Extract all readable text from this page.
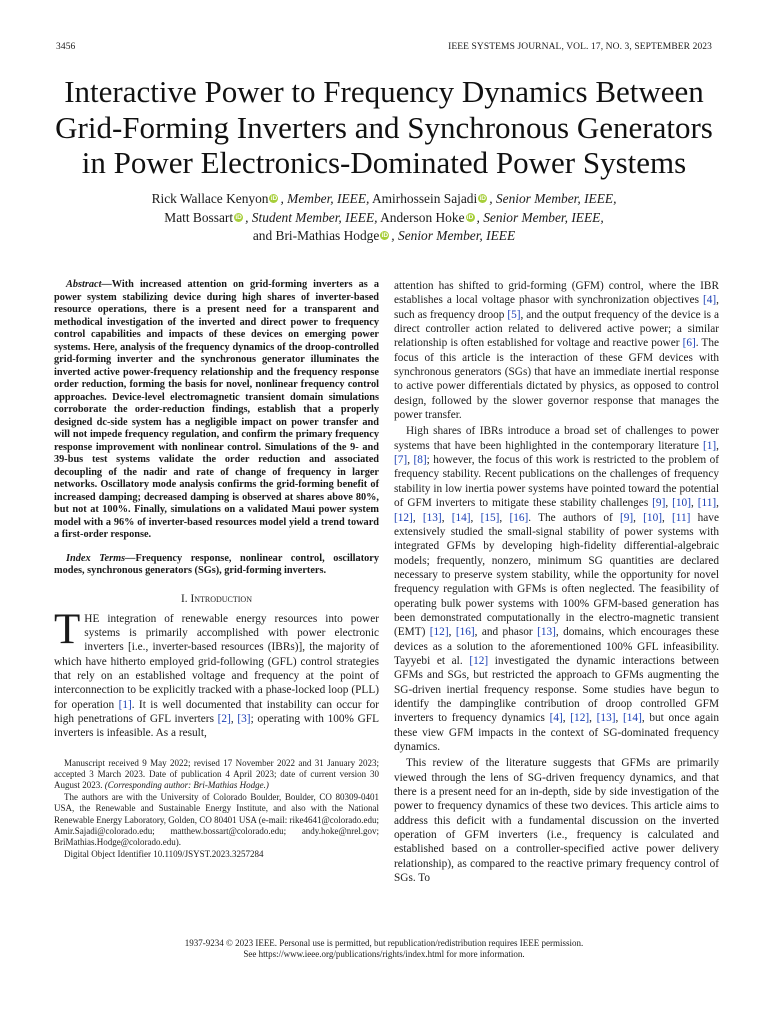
3456	IEEE SYSTEMS JOURNAL, VOL. 17, NO. 3, SEPTEMBER 2023
Interactive Power to Frequency Dynamics Between
Grid-Forming Inverters and Synchronous Generators
in Power Electronics-Dominated Power Systems
Rick Wallace Kenyon iD , Member, IEEE, Amirhossein Sajadi iD , Senior Member, IEEE,
Matt Bossart iD , Student Member, IEEE, Anderson Hoke iD , Senior Member, IEEE,
and Bri-Mathias Hodge iD , Senior Member, IEEE
Abstract—With increased attention on grid-forming inverters as a power system stabilizing device during high shares of inverter-based resource operations, there is a present need for a transparent and methodical investigation of the inverted and direct power to frequency control capabilities and impacts of these devices on emerging power systems. Here, analysis of the frequency dynamics of the droop-controlled grid-forming inverter and the synchronous generator illuminates the inverted active power-frequency relationship and the frequency response order reduction, forming the basis for novel, nonlinear frequency control approaches. Device-level electromagnetic transient domain simulations corroborate the order-reduction findings, establish that a properly designed dc-side system has a negligible impact on power transfer and will not impede frequency regulation, and confirm the primary frequency response improvement with nonlinear control. Simulations of the 9- and 39-bus test systems validate the order reduction and associated decoupling of the nadir and rate of change of frequency in larger networks. Oscillatory mode analysis confirms the grid-forming benefit of increased damping; decreased damping is observed at shares above 80%, but not at 100%. Finally, simulations on a validated Maui power system model with a 96% of inverter-based resources model yield a trend toward a first-order response.
Index Terms—Frequency response, nonlinear control, oscillatory modes, synchronous generators (SGs), grid-forming inverters.
I. Introduction
THE integration of renewable energy resources into power systems is primarily accomplished with power electronic inverters [i.e., inverter-based resources (IBRs)], the majority of which have hitherto employed grid-following (GFL) control strategies that rely on an established voltage and frequency at the point of interconnection to be explicitly tracked with a phase-locked loop (PLL) for operation [1]. It is well documented that instability can occur for high penetrations of GFL inverters [2], [3]; operating with 100% GFL inverters is infeasible. As a result,
Manuscript received 9 May 2022; revised 17 November 2022 and 31 January 2023; accepted 3 March 2023. Date of publication 4 April 2023; date of current version 30 August 2023. (Corresponding author: Bri-Mathias Hodge.)
The authors are with the University of Colorado Boulder, Boulder, CO 80309-0401 USA, the Renewable and Sustainable Energy Institute, and also with the National Renewable Energy Laboratory, Golden, CO 80401 USA (e-mail: rike4641@colorado.edu; Amir.Sajadi@colorado.edu; matthew.bossart@colorado.edu; andy.hoke@nrel.gov; BriMathias.Hodge@colorado.edu).
Digital Object Identifier 10.1109/JSYST.2023.3257284
attention has shifted to grid-forming (GFM) control, where the IBR establishes a local voltage phasor with synchronization objectives [4], such as frequency droop [5], and the output frequency of the device is a direct controller action related to delivered active power; a similar relationship is often established for voltage and reactive power [6]. The focus of this article is the interaction of these GFM devices with synchronous generators (SGs) that have an immediate inertial response to active power differentials dictated by physics, as opposed to control design, followed by the slower governor response that manages the power transfer.
High shares of IBRs introduce a broad set of challenges to power systems that have been highlighted in the contemporary literature [1], [7], [8]; however, the focus of this work is restricted to the problem of frequency stability. Recent publications on the challenges of frequency stability in low inertia power systems have pointed toward the potential of GFM inverters to mitigate these stability challenges [9], [10], [11], [12], [13], [14], [15], [16]. The authors of [9], [10], [11] have extensively studied the small-signal stability of power systems with integrated GFMs by developing high-fidelity differential-algebraic models; frequently, nonzero, minimum SG quantities are declared necessary to preserve system stability, while the opportunity for novel frequency regulation with GFMs is often neglected. The feasibility of operating bulk power systems with 100% GFM-based generation has been demonstrated computationally in the electro-magnetic transient (EMT) [12], [16], and phasor [13], domains, which encourages these devices as a solution to the aforementioned 100% GFL infeasibility. Tayyebi et al. [12] investigated the dynamic interactions between GFMs and SGs, but restricted the approach to GFMs augmenting the SG-driven inertial frequency response. Some studies have begun to identify the dampinglike contribution of droop controlled GFM inverters to frequency dynamics [4], [12], [13], [14], but once again these view GFM impacts in the context of SG-dominated frequency dynamics.
This review of the literature suggests that GFMs are primarily viewed through the lens of SG-driven frequency dynamics, and that there is a present need for an in-depth, side by side investigation of the power to frequency dynamics of these two devices. This article aims to address this deficit with a fundamental discussion on the inverted operation of GFM inverters (i.e., frequency is calculated and established based on a controller-specified active power delivery relationship), as compared to the reactive primary frequency control of SGs. To
1937-9234 © 2023 IEEE. Personal use is permitted, but republication/redistribution requires IEEE permission.
See https://www.ieee.org/publications/rights/index.html for more information.
